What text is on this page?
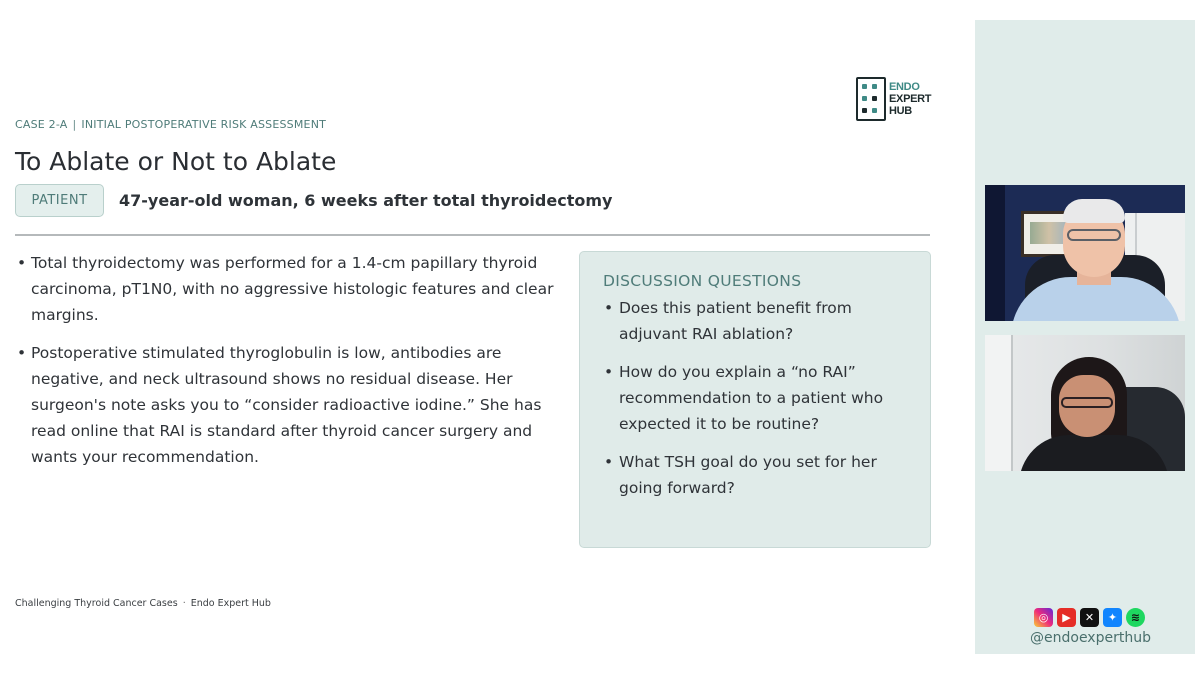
ENDO
EXPERT
HUB
CASE 2-A | INITIAL POSTOPERATIVE RISK ASSESSMENT
To Ablate or Not to Ablate
PATIENT	47-year-old woman, 6 weeks after total thyroidectomy
• Total thyroidectomy was performed for a 1.4-cm papillary thyroid carcinoma, pT1N0, with no aggressive histologic features and clear margins.
• Postoperative stimulated thyroglobulin is low, antibodies are negative, and neck ultrasound shows no residual disease. Her surgeon's note asks you to “consider radioactive iodine.” She has read online that RAI is standard after thyroid cancer surgery and wants your recommendation.
DISCUSSION QUESTIONS
• Does this patient benefit from adjuvant RAI ablation?
• How do you explain a “no RAI” recommendation to a patient who expected it to be routine?
• What TSH goal do you set for her going forward?
Challenging Thyroid Cancer Cases · Endo Expert Hub
◎	▶	✕	✦	≋
@endoexperthub
